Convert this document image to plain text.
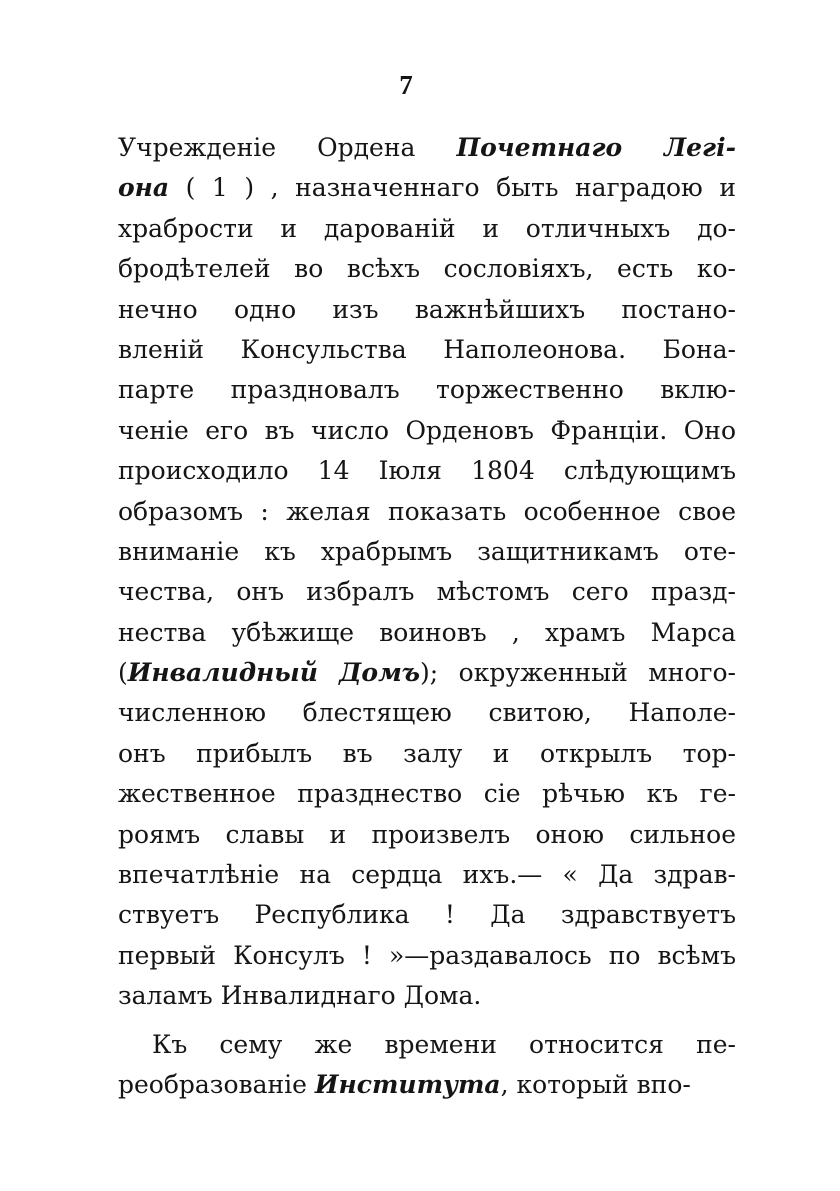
7
Учрежденіе Ордена Почетнаго Легі-
она ( 1 ) , назначеннаго быть наградою и
храбрости и дарованій и отличныхъ до-
бродѣтелей во всѣхъ сословіяхъ, есть ко-
нечно одно изъ важнѣйшихъ постано-
вленій Консульства Наполеонова. Бона-
парте праздновалъ торжественно вклю-
ченіе его въ число Орденовъ Франціи. Оно
происходило 14 Іюля 1804 слѣдующимъ
образомъ : желая показать особенное свое
вниманіе къ храбрымъ защитникамъ оте-
чества, онъ избралъ мѣстомъ сего празд-
нества убѣжище воиновъ , храмъ Марса
(Инвалидный Домъ); окруженный много-
численною блестящею свитою, Наполе-
онъ прибылъ въ залу и открылъ тор-
жественное празднество сіе рѣчью къ ге-
роямъ славы и произвелъ оною сильное
впечатлѣніе на сердца ихъ.— « Да здрав-
ствуетъ Республика ! Да здравствуетъ
первый Консулъ ! »—раздавалось по всѣмъ
заламъ Инвалиднаго Дома.
Къ сему же времени относится пе-
реобразованіе Института, который впо-
